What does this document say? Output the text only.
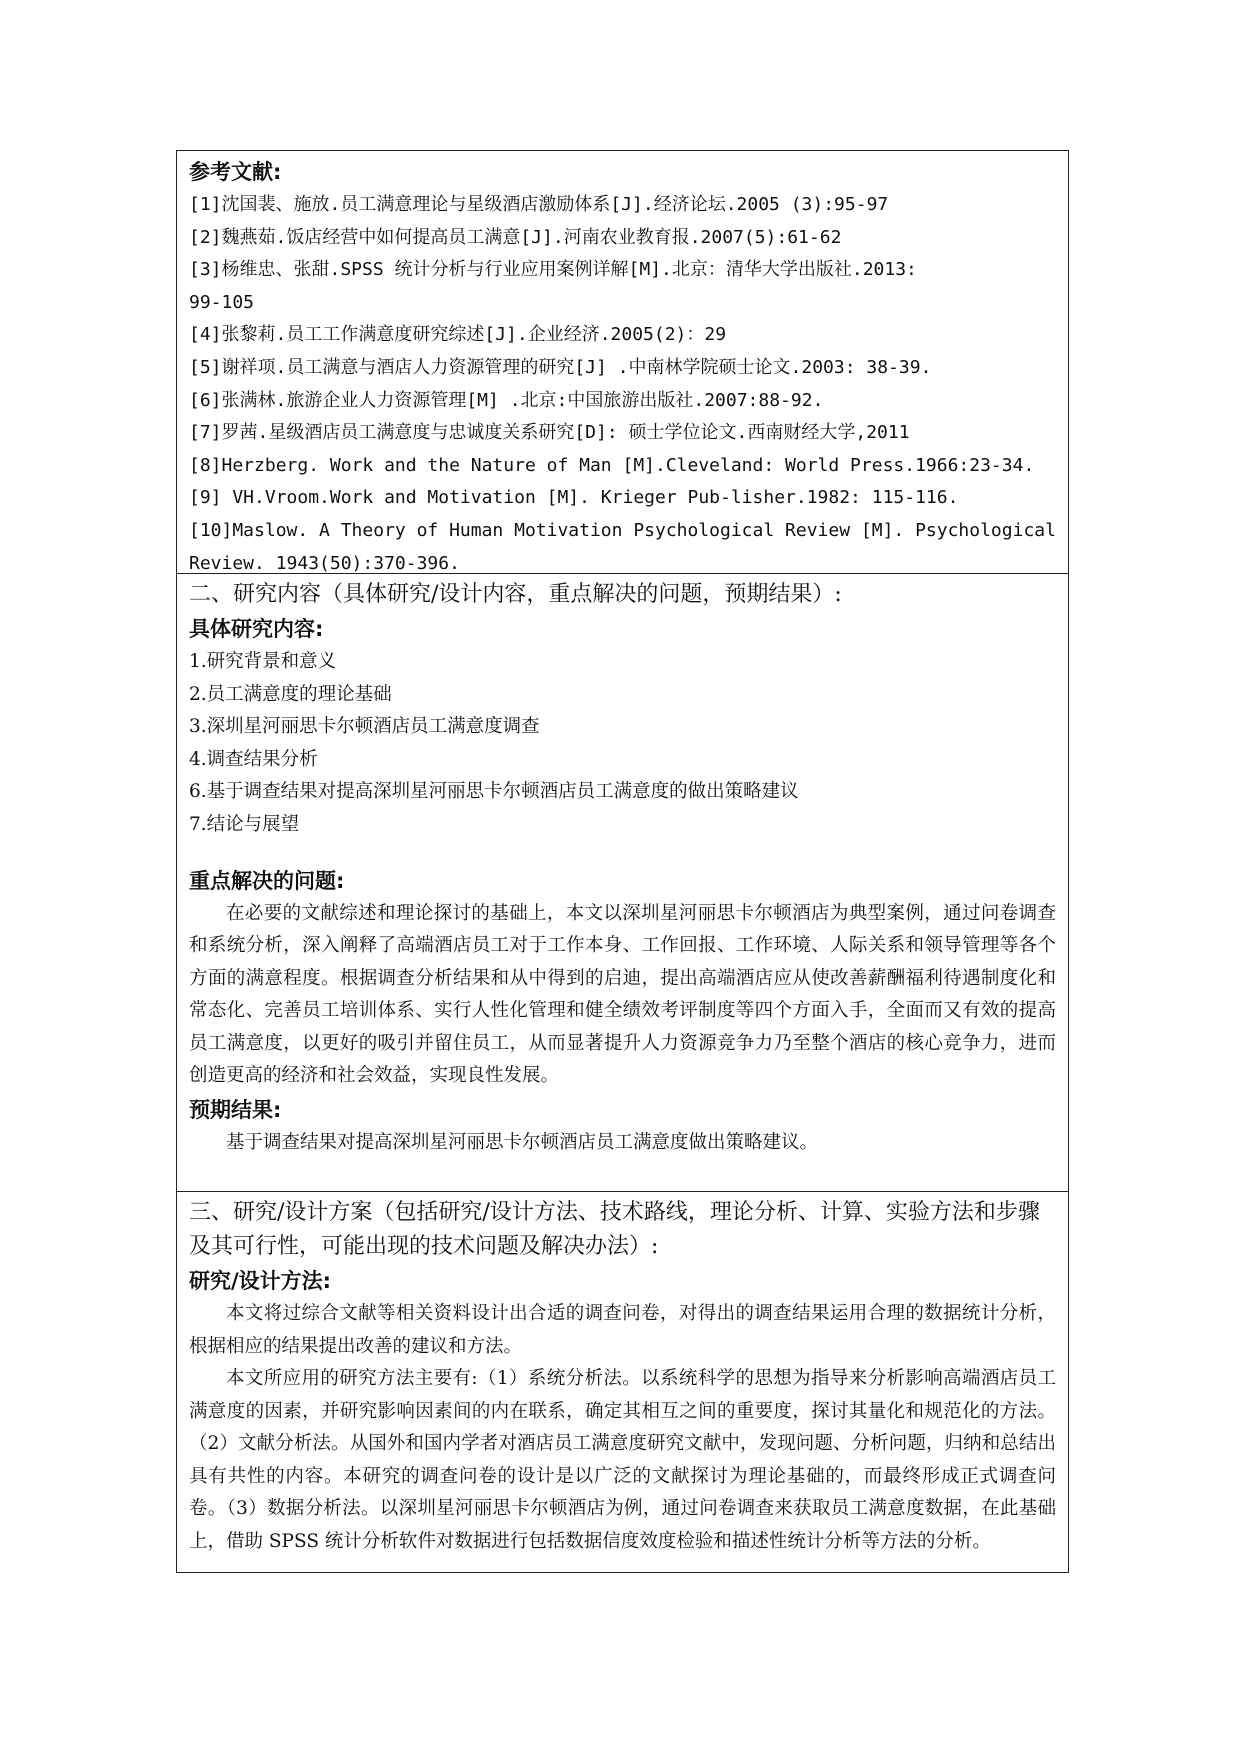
参考文献:
[1]沈国裴、施放.员工满意理论与星级酒店激励体系[J].经济论坛.2005 (3):95-97
[2]魏燕茹.饭店经营中如何提高员工满意[J].河南农业教育报.2007(5):61-62
[3]杨维忠、张甜.SPSS 统计分析与行业应用案例详解[M].北京：清华大学出版社.2013:
99-105
[4]张黎莉.员工工作满意度研究综述[J].企业经济.2005(2)：29
[5]谢祥项.员工满意与酒店人力资源管理的研究[J] .中南林学院硕士论文.2003: 38-39.
[6]张满林.旅游企业人力资源管理[M] .北京:中国旅游出版社.2007:88-92.
[7]罗茜.星级酒店员工满意度与忠诚度关系研究[D]: 硕士学位论文.西南财经大学,2011
[8]Herzberg. Work and the Nature of Man [M].Cleveland: World Press.1966:23-34.
[9] VH.Vroom.Work and Motivation [M]. Krieger Pub-lisher.1982: 115-116.
[10]Maslow. A Theory of Human Motivation Psychological Review [M]. Psychological
Review. 1943(50):370-396.
二、研究内容（具体研究/设计内容，重点解决的问题，预期结果）:
具体研究内容:
1.研究背景和意义
2.员工满意度的理论基础
3.深圳星河丽思卡尔顿酒店员工满意度调查
4.调查结果分析
6.基于调查结果对提高深圳星河丽思卡尔顿酒店员工满意度的做出策略建议
7.结论与展望
重点解决的问题:
在必要的文献综述和理论探讨的基础上，本文以深圳星河丽思卡尔顿酒店为典型案例，通过问卷调查和系统分析，深入阐释了高端酒店员工对于工作本身、工作回报、工作环境、人际关系和领导管理等各个方面的满意程度。根据调查分析结果和从中得到的启迪，提出高端酒店应从使改善薪酬福利待遇制度化和常态化、完善员工培训体系、实行人性化管理和健全绩效考评制度等四个方面入手，全面而又有效的提高员工满意度，以更好的吸引并留住员工，从而显著提升人力资源竞争力乃至整个酒店的核心竞争力，进而创造更高的经济和社会效益，实现良性发展。
预期结果:
基于调查结果对提高深圳星河丽思卡尔顿酒店员工满意度做出策略建议。
三、研究/设计方案（包括研究/设计方法、技术路线，理论分析、计算、实验方法和步骤及其可行性，可能出现的技术问题及解决办法）:
研究/设计方法:
本文将过综合文献等相关资料设计出合适的调查问卷，对得出的调查结果运用合理的数据统计分析，根据相应的结果提出改善的建议和方法。
本文所应用的研究方法主要有:（1）系统分析法。以系统科学的思想为指导来分析影响高端酒店员工满意度的因素，并研究影响因素间的内在联系，确定其相互之间的重要度，探讨其量化和规范化的方法。（2）文献分析法。从国外和国内学者对酒店员工满意度研究文献中，发现问题、分析问题，归纳和总结出具有共性的内容。本研究的调查问卷的设计是以广泛的文献探讨为理论基础的，而最终形成正式调查问卷。（3）数据分析法。以深圳星河丽思卡尔顿酒店为例，通过问卷调查来获取员工满意度数据，在此基础上，借助 SPSS 统计分析软件对数据进行包括数据信度效度检验和描述性统计分析等方法的分析。
